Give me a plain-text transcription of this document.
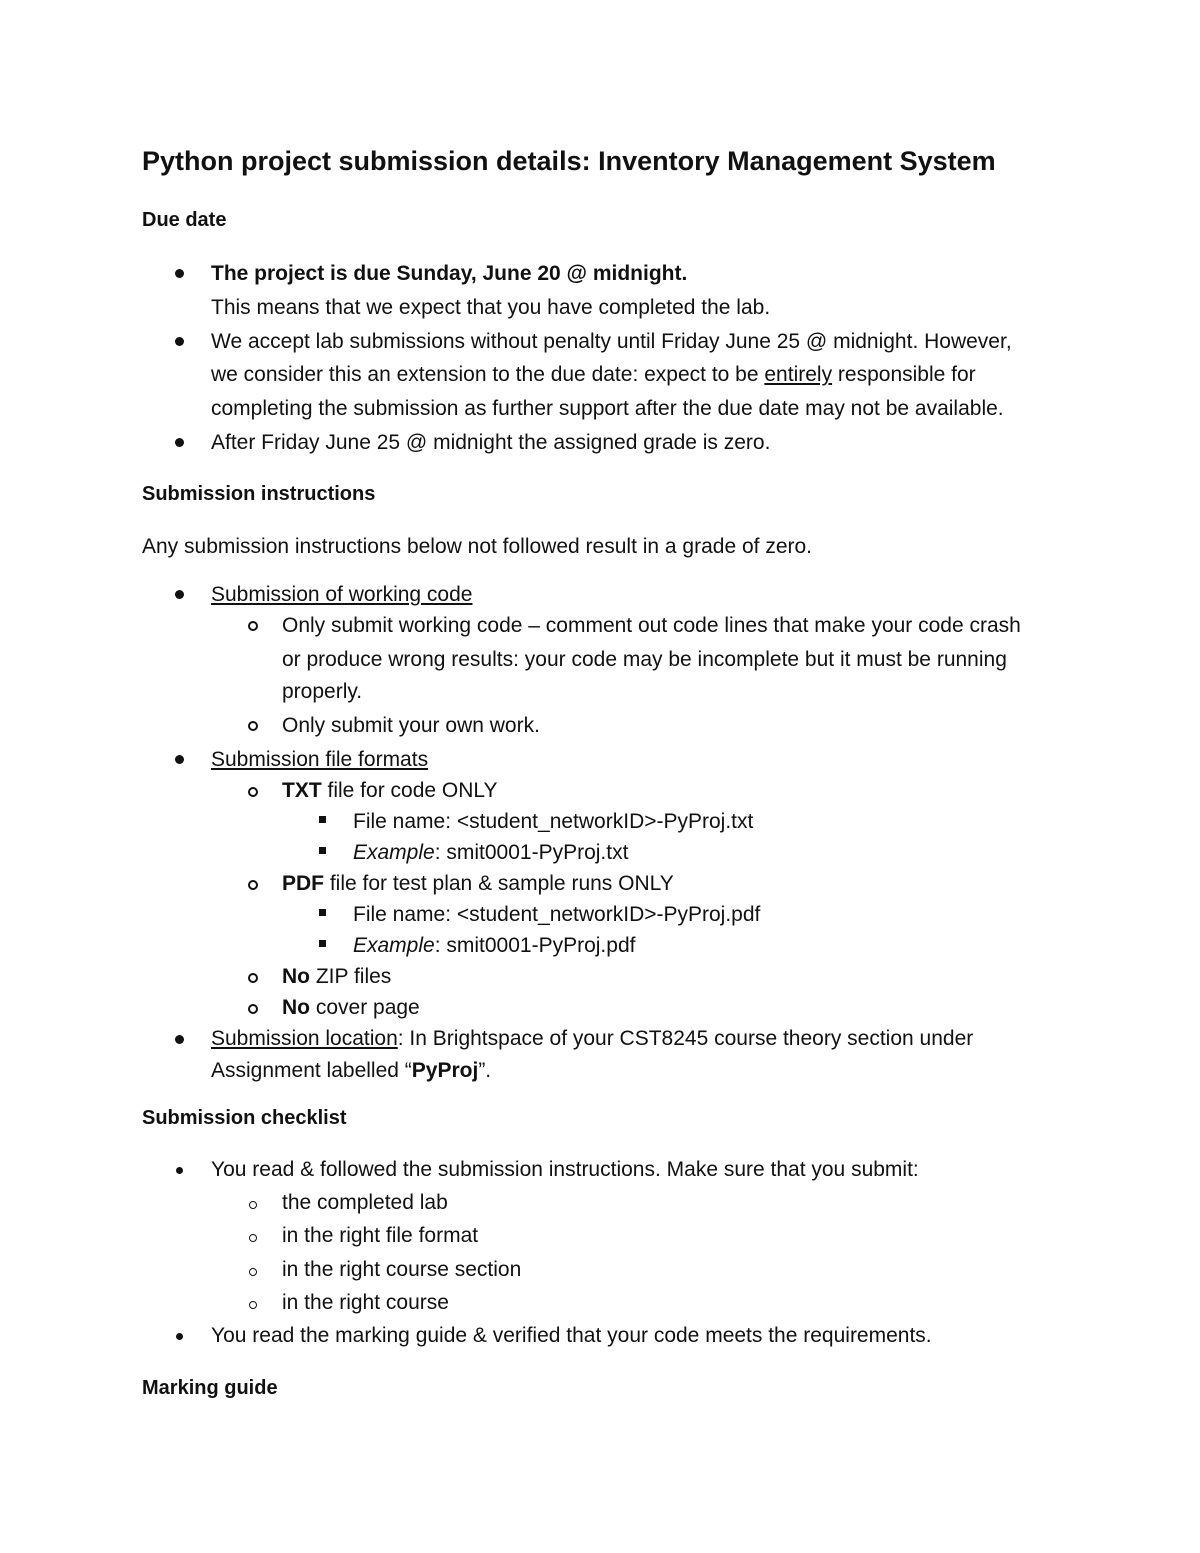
Python project submission details: Inventory Management System
Due date
The project is due Sunday, June 20 @ midnight.
This means that we expect that you have completed the lab.
We accept lab submissions without penalty until Friday June 25 @ midnight. However,
we consider this an extension to the due date: expect to be entirely responsible for
completing the submission as further support after the due date may not be available.
After Friday June 25 @ midnight the assigned grade is zero.
Submission instructions
Any submission instructions below not followed result in a grade of zero.
Submission of working code
Only submit working code – comment out code lines that make your code crash
or produce wrong results: your code may be incomplete but it must be running
properly.
Only submit your own work.
Submission file formats
TXT file for code ONLY
File name: <student_networkID>-PyProj.txt
Example: smit0001-PyProj.txt
PDF file for test plan & sample runs ONLY
File name: <student_networkID>-PyProj.pdf
Example: smit0001-PyProj.pdf
No ZIP files
No cover page
Submission location: In Brightspace of your CST8245 course theory section under
Assignment labelled “PyProj”.
Submission checklist
You read & followed the submission instructions. Make sure that you submit:
the completed lab
in the right file format
in the right course section
in the right course
You read the marking guide & verified that your code meets the requirements.
Marking guide
